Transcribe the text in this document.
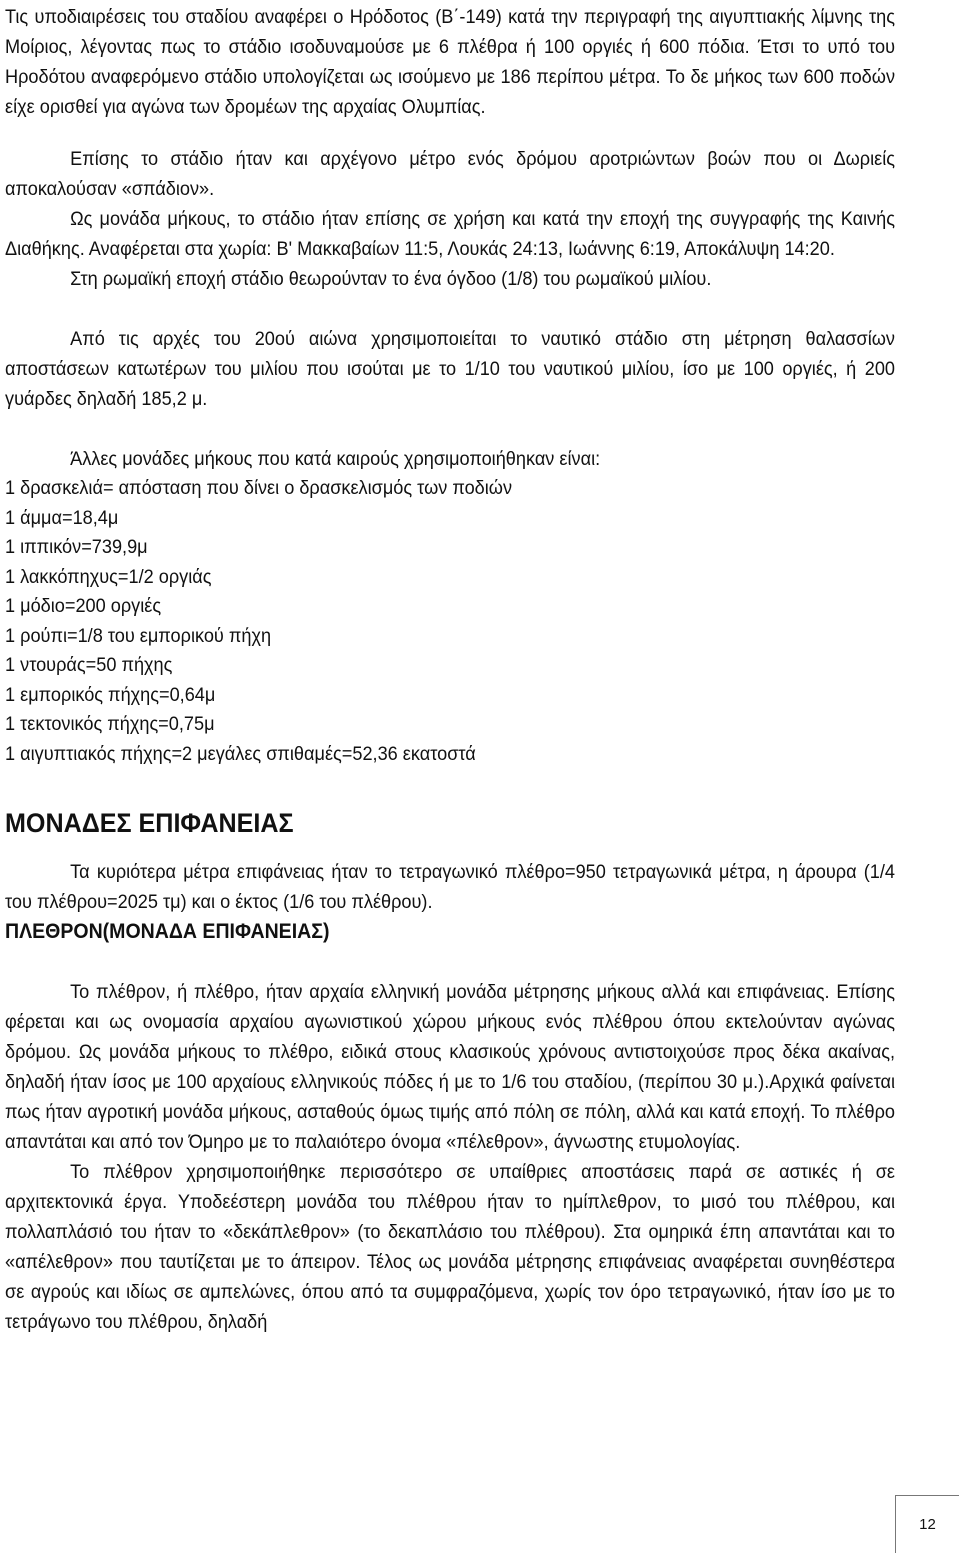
Τις υποδιαιρέσεις του σταδίου αναφέρει ο Ηρόδοτος (Β΄-149) κατά την περιγραφή της αιγυπτιακής λίμνης της Μοίριος, λέγοντας πως το στάδιο ισοδυναμούσε με 6 πλέθρα ή 100 οργιές ή 600 πόδια. Έτσι το υπό του Ηροδότου αναφερόμενο στάδιο υπολογίζεται ως ισούμενο με 186 περίπου μέτρα. Το δε μήκος των 600 ποδών είχε ορισθεί για αγώνα των δρομέων της αρχαίας Ολυμπίας.

Επίσης το στάδιο ήταν και αρχέγονο μέτρο ενός δρόμου αροτριώντων βοών που οι Δωριείς αποκαλούσαν «σπάδιον».

Ως μονάδα μήκους, το στάδιο ήταν επίσης σε χρήση και κατά την εποχή της συγγραφής της Καινής Διαθήκης. Αναφέρεται στα χωρία: Β' Μακκαβαίων 11:5, Λουκάς 24:13, Ιωάννης 6:19, Αποκάλυψη 14:20.

Στη ρωμαϊκή εποχή στάδιο θεωρούνταν το ένα όγδοο (1/8) του ρωμαϊκού μιλίου.

Από τις αρχές του 20ού αιώνα χρησιμοποιείται το ναυτικό στάδιο στη μέτρηση θαλασσίων αποστάσεων κατωτέρων του μιλίου που ισούται με το 1/10 του ναυτικού μιλίου, ίσο με 100 οργιές, ή 200 γυάρδες δηλαδή 185,2 μ.

Άλλες μονάδες μήκους που κατά καιρούς χρησιμοποιήθηκαν είναι:

1 δρασκελιά= απόσταση που δίνει ο δρασκελισμός των ποδιών
1 άμμα=18,4μ
1 ιππικόν=739,9μ
1 λακκόπηχυς=1/2 οργιάς
1 μόδιο=200 οργιές
1 ρούπι=1/8 του εμπορικού πήχη
1 ντουράς=50 πήχης
1 εμπορικός πήχης=0,64μ
1 τεκτονικός πήχης=0,75μ
1 αιγυπτιακός πήχης=2 μεγάλες σπιθαμές=52,36 εκατοστά
ΜΟΝΑΔΕΣ ΕΠΙΦΑΝΕΙΑΣ

Τα κυριότερα μέτρα επιφάνειας ήταν το τετραγωνικό πλέθρο=950 τετραγωνικά μέτρα, η άρουρα (1/4 του πλέθρου=2025 τμ) και ο έκτος (1/6 του πλέθρου).

ΠΛΕΘΡΟΝ(ΜΟΝΑΔΑ ΕΠΙΦΑΝΕΙΑΣ)

Το πλέθρον, ή πλέθρο, ήταν αρχαία ελληνική μονάδα μέτρησης μήκους αλλά και επιφάνειας. Επίσης φέρεται και ως ονομασία αρχαίου αγωνιστικού χώρου μήκους ενός πλέθρου όπου εκτελούνταν αγώνας δρόμου. Ως μονάδα μήκους το πλέθρο, ειδικά στους κλασικούς χρόνους αντιστοιχούσε προς δέκα ακαίνας, δηλαδή ήταν ίσος με 100 αρχαίους ελληνικούς πόδες ή με το 1/6 του σταδίου, (περίπου 30 μ.).Αρχικά φαίνεται πως ήταν αγροτική μονάδα μήκους, ασταθούς όμως τιμής από πόλη σε πόλη, αλλά και κατά εποχή. Το πλέθρο απαντάται και από τον Όμηρο με το παλαιότερο όνομα «πέλεθρον», άγνωστης ετυμολογίας.

Το πλέθρον χρησιμοποιήθηκε περισσότερο σε υπαίθριες αποστάσεις παρά σε αστικές ή σε αρχιτεκτονικά έργα. Υποδεέστερη μονάδα του πλέθρου ήταν το ημίπλεθρον, το μισό του πλέθρου, και πολλαπλάσιό του ήταν το «δεκάπλεθρον» (το δεκαπλάσιο του πλέθρου). Στα ομηρικά έπη απαντάται και το «απέλεθρον» που ταυτίζεται με το άπειρον. Τέλος ως μονάδα μέτρησης επιφάνειας αναφέρεται συνηθέστερα σε αγρούς και ιδίως σε αμπελώνες, όπου από τα συμφραζόμενα, χωρίς τον όρο τετραγωνικό, ήταν ίσο με το τετράγωνο του πλέθρου, δηλαδή

12
